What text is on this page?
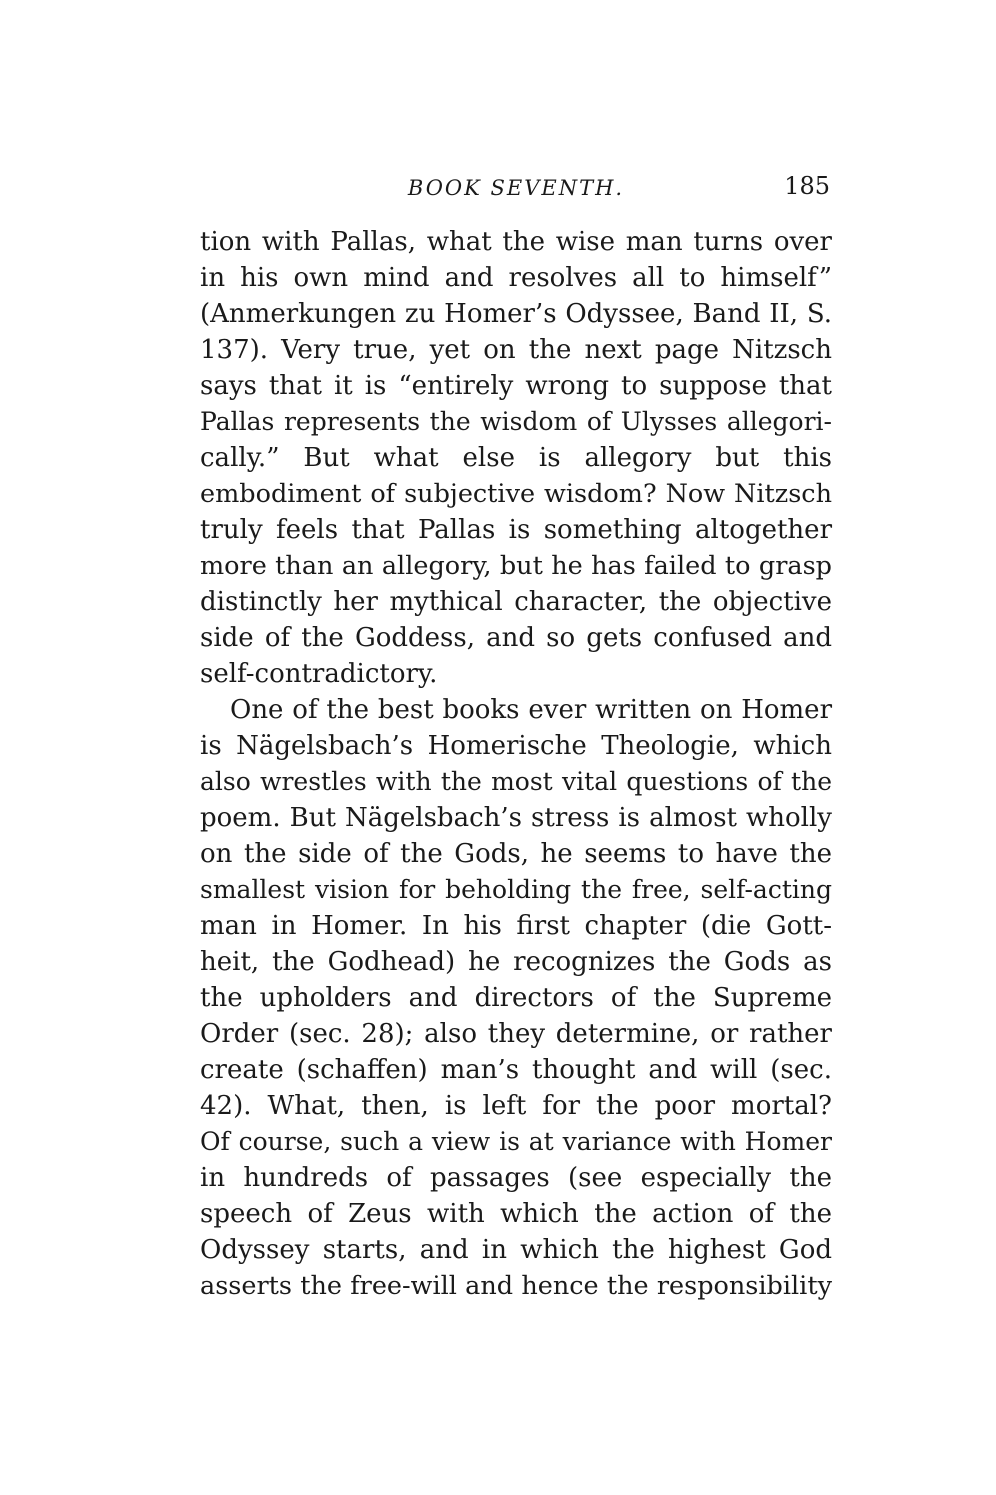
BOOK SEVENTH.	185
tion with Pallas, what the wise man turns over
in his own mind and resolves all to himself”
(Anmerkungen zu Homer’s Odyssee, Band II, S.
137). Very true, yet on the next page Nitzsch
says that it is “entirely wrong to suppose that
Pallas represents the wisdom of Ulysses allegori-
cally.” But what else is allegory but this
embodiment of subjective wisdom? Now Nitzsch
truly feels that Pallas is something altogether
more than an allegory, but he has failed to grasp
distinctly her mythical character, the objective
side of the Goddess, and so gets confused and
self-contradictory.
One of the best books ever written on Homer
is Nägelsbach’s Homerische Theologie, which
also wrestles with the most vital questions of the
poem. But Nägelsbach’s stress is almost wholly
on the side of the Gods, he seems to have the
smallest vision for beholding the free, self-acting
man in Homer. In his first chapter (die Gott-
heit, the Godhead) he recognizes the Gods as
the upholders and directors of the Supreme
Order (sec. 28); also they determine, or rather
create (schaffen) man’s thought and will (sec.
42). What, then, is left for the poor mortal?
Of course, such a view is at variance with Homer
in hundreds of passages (see especially the
speech of Zeus with which the action of the
Odyssey starts, and in which the highest God
asserts the free-will and hence the responsibility
